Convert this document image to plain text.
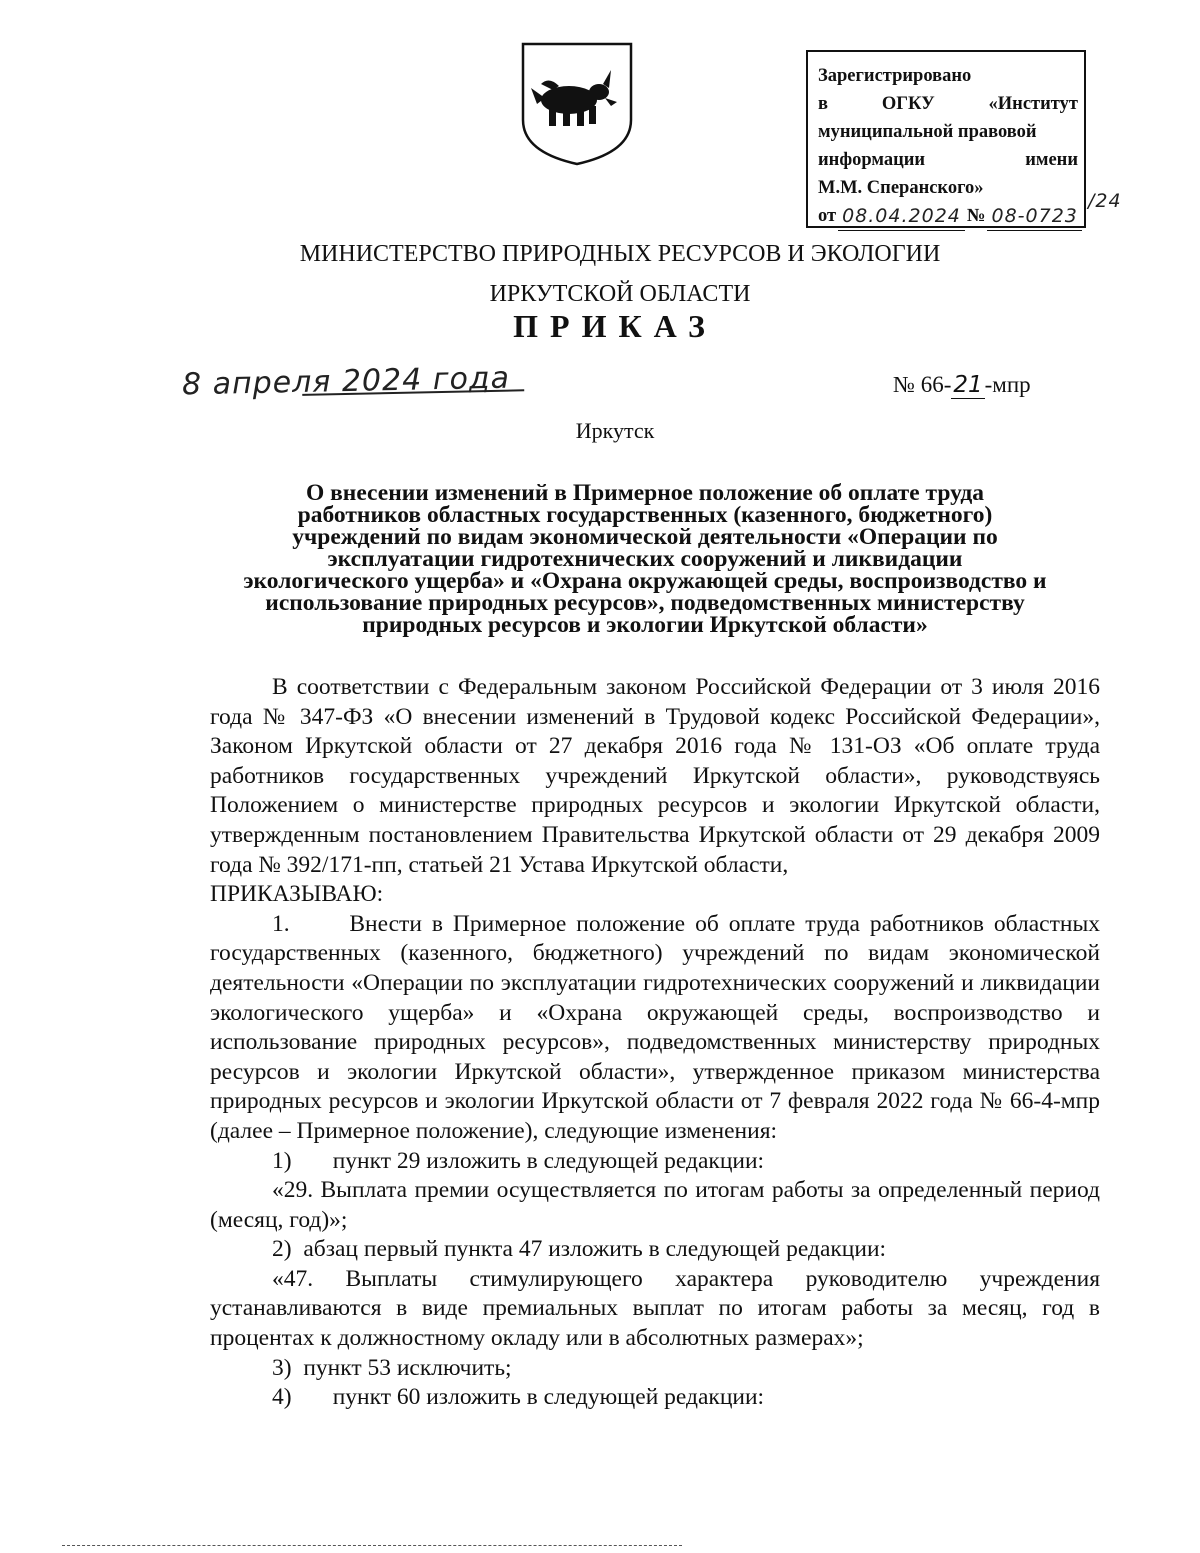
Зарегистрировано
в	ОГКУ	«Институт
муниципальной правовой
информации	имени
М.М. Сперанского»
от 08.04.2024 № 08-0723
/24
МИНИСТЕРСТВО ПРИРОДНЫХ РЕСУРСОВ И ЭКОЛОГИИ
ИРКУТСКОЙ ОБЛАСТИ
ПРИКАЗ
8 апреля 2024 года	№ 66-21-мпр
Иркутск
О внесении изменений в Примерное положение об оплате труда
работников областных государственных (казенного, бюджетного)
учреждений по видам экономической деятельности «Операции по
эксплуатации гидротехнических сооружений и ликвидации
экологического ущерба» и «Охрана окружающей среды, воспроизводство и
использование природных ресурсов», подведомственных министерству
природных ресурсов и экологии Иркутской области»
В соответствии с Федеральным законом Российской Федерации от 3 июля 2016 года № 347-ФЗ «О внесении изменений в Трудовой кодекс Российской Федерации», Законом Иркутской области от 27 декабря 2016 года № 131-ОЗ «Об оплате труда работников государственных учреждений Иркутской области», руководствуясь Положением о министерстве природных ресурсов и экологии Иркутской области, утвержденным постановлением Правительства Иркутской области от 29 декабря 2009 года № 392/171-пп, статьей 21 Устава Иркутской области,
ПРИКАЗЫВАЮ:
1.      Внести в Примерное положение об оплате труда работников областных государственных (казенного, бюджетного) учреждений по видам экономической деятельности «Операции по эксплуатации гидротехнических сооружений и ликвидации экологического ущерба» и «Охрана окружающей среды, воспроизводство и использование природных ресурсов», подведомственных министерству природных ресурсов и экологии Иркутской области», утвержденное приказом министерства природных ресурсов и экологии Иркутской области от 7 февраля 2022 года № 66-4-мпр (далее – Примерное положение), следующие изменения:
1)       пункт 29 изложить в следующей редакции:
«29. Выплата премии осуществляется по итогам работы за определенный период (месяц, год)»;
2)  абзац первый пункта 47 изложить в следующей редакции:
«47. Выплаты стимулирующего характера руководителю учреждения устанавливаются в виде премиальных выплат по итогам работы за месяц, год в процентах к должностному окладу или в абсолютных размерах»;
3)  пункт 53 исключить;
4)       пункт 60 изложить в следующей редакции:
